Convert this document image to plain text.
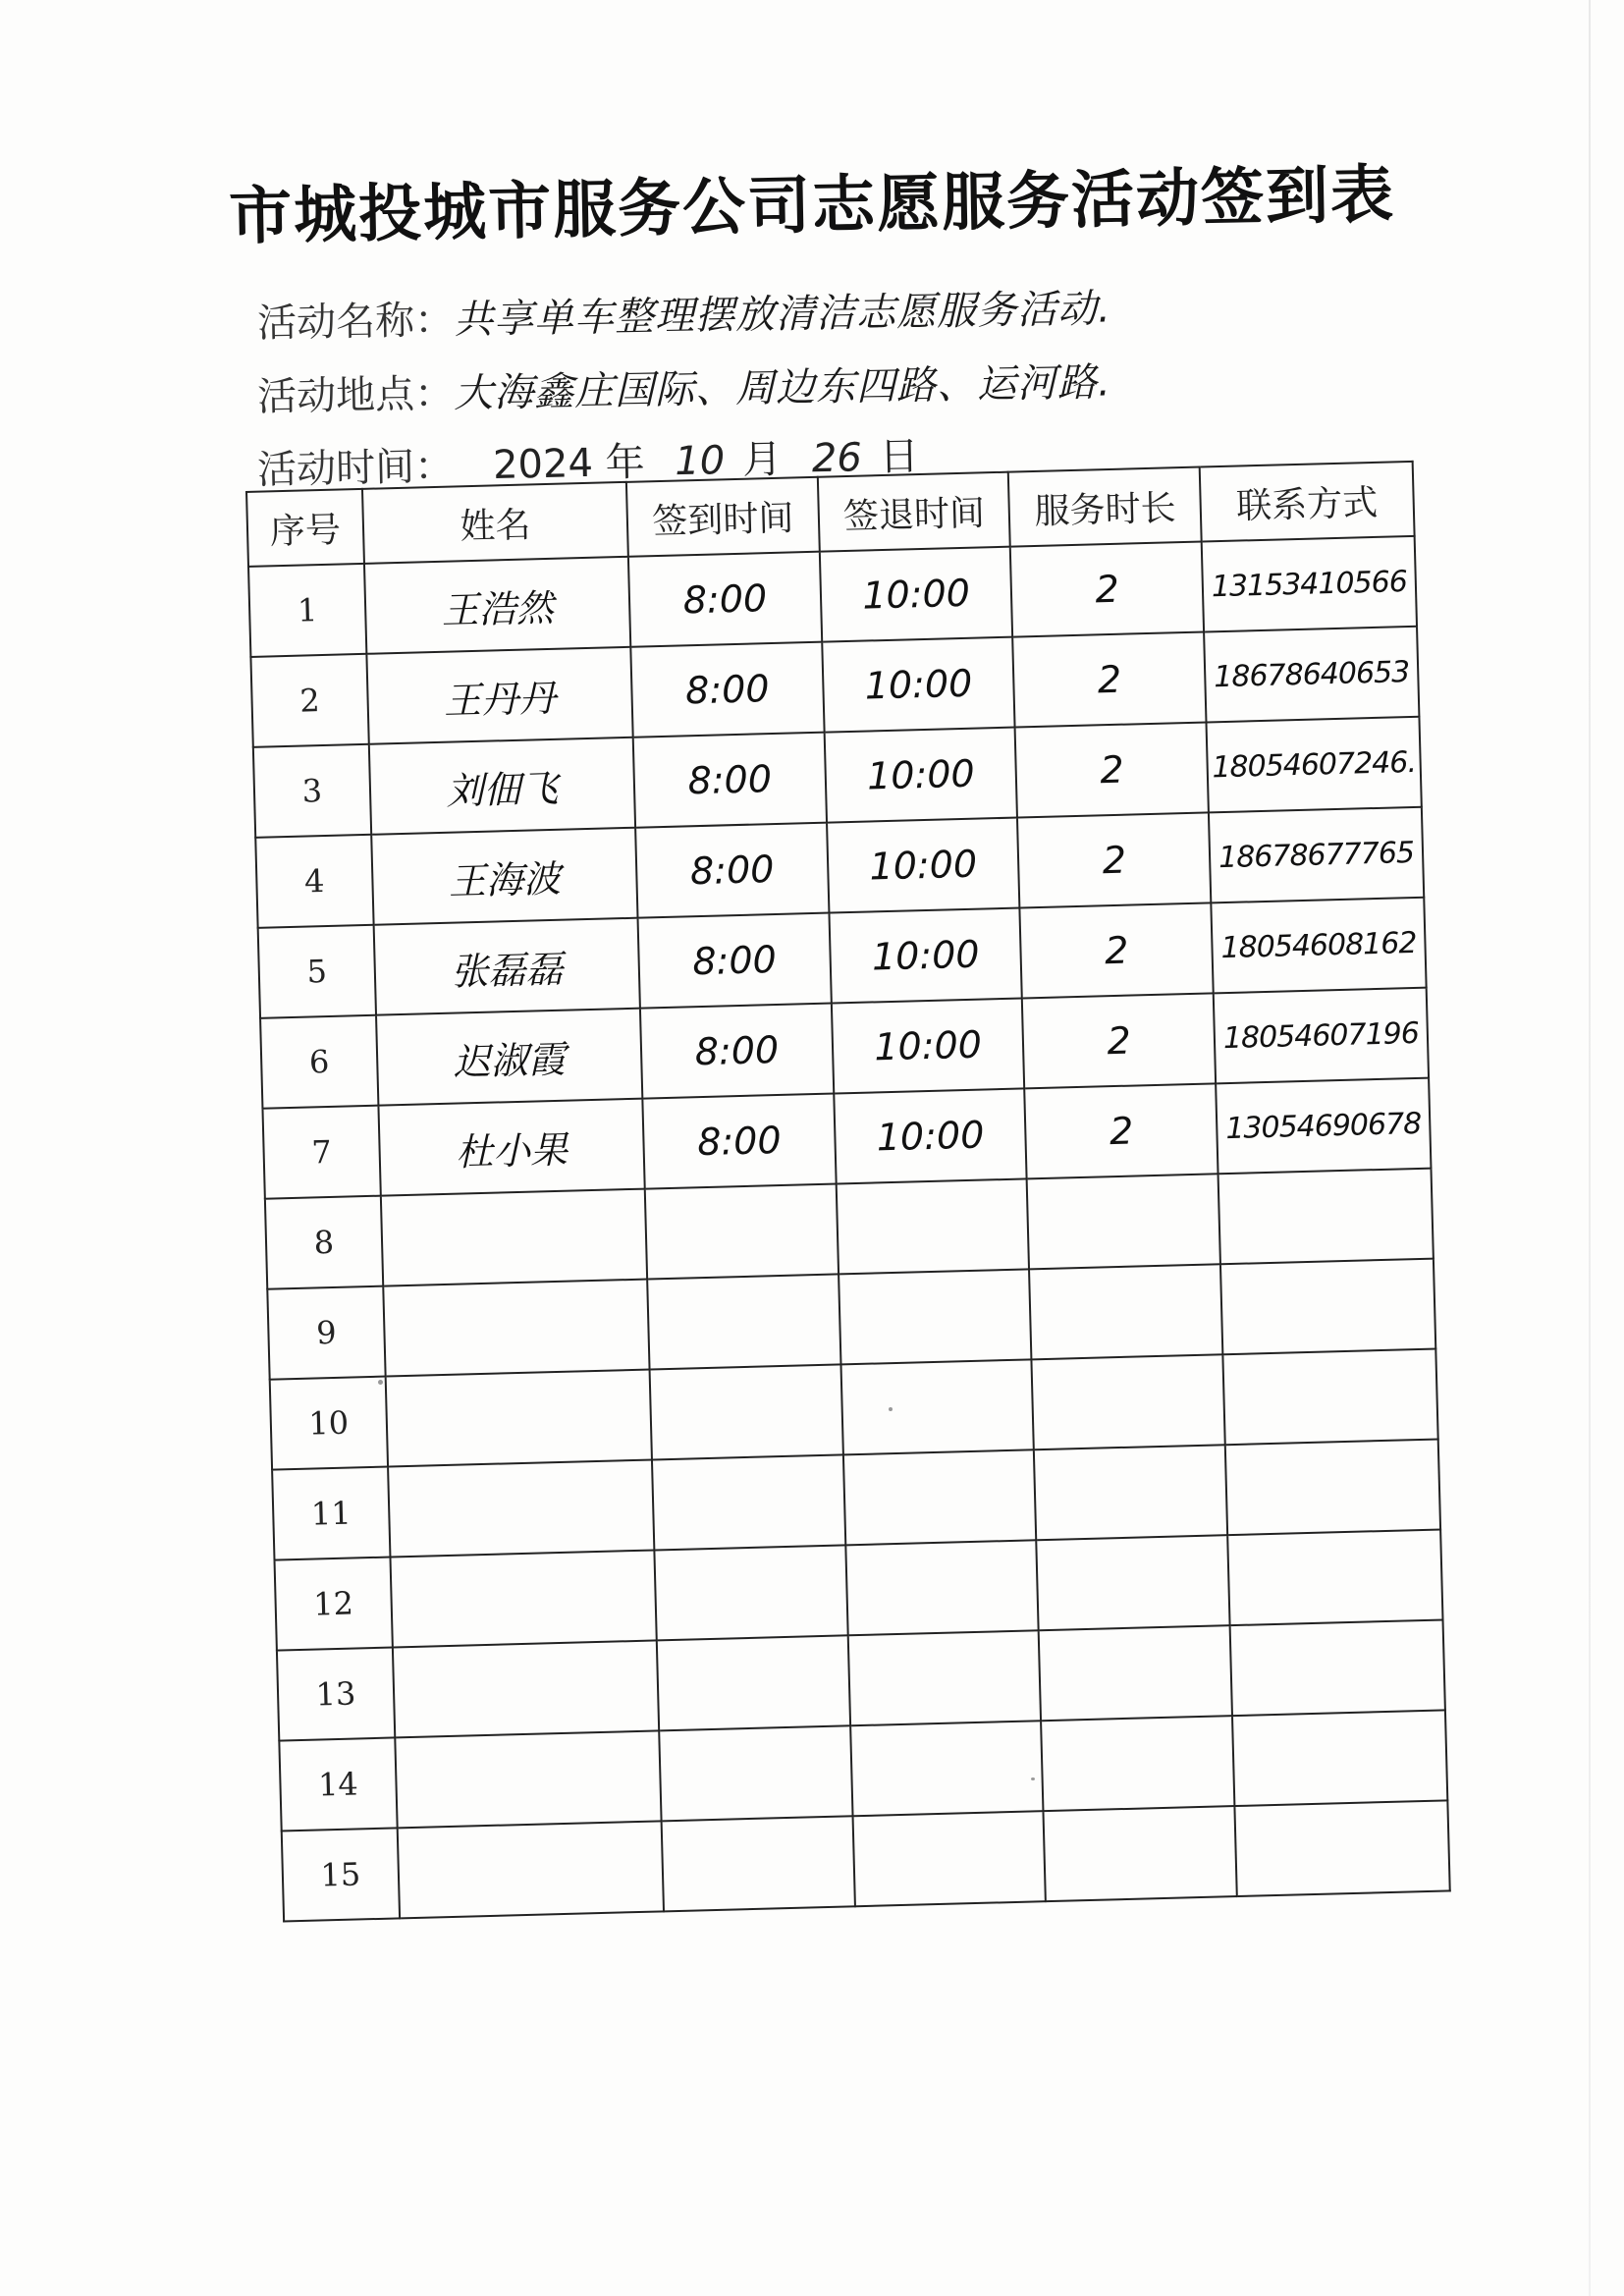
市城投城市服务公司志愿服务活动签到表
活动名称：共享单车整理摆放清洁志愿服务活动.
活动地点：大海鑫庄国际、周边东四路、运河路.
活动时间： 2024 年 10 月 26 日
序号	姓名	签到时间	签退时间	服务时长	联系方式
1	王浩然	8:00	10:00	2	13153410566
2	王丹丹	8:00	10:00	2	18678640653
3	刘佃飞	8:00	10:00	2	18054607246.
4	王海波	8:00	10:00	2	18678677765
5	张磊磊	8:00	10:00	2	18054608162
6	迟淑霞	8:00	10:00	2	18054607196
7	杜小果	8:00	10:00	2	13054690678
8					
9					
10					
11					
12					
13					
14					
15					
